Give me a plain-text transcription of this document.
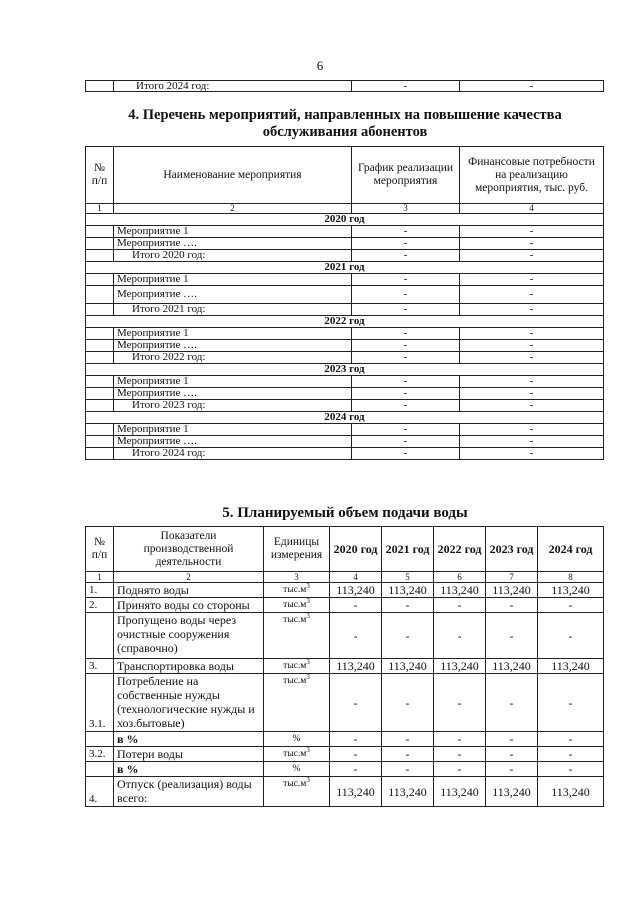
6
	Итого 2024 год:	-	-
4. Перечень мероприятий, направленных на повышение качества обслуживания абонентов
№ п/п	Наименование мероприятия	График реализации мероприятия	Финансовые потребности на реализацию мероприятия, тыс. руб.
1	2	3	4
2020 год			
	Мероприятие 1	-	-
	Мероприятие ….	-	-
	Итого 2020 год:	-	-
2021 год			
	Мероприятие 1	-	-
	Мероприятие ….	-	-
	Итого 2021 год:	-	-
2022 год			
	Мероприятие 1	-	-
	Мероприятие ….	-	-
	Итого 2022 год:	-	-
2023 год			
	Мероприятие 1	-	-
	Мероприятие ….	-	-
	Итого 2023 год:	-	-
2024 год			
	Мероприятие 1	-	-
	Мероприятие ….	-	-
	Итого 2024 год:	-	-
5. Планируемый объем подачи воды
№ п/п	Показатели производственной деятельности	Единицы измерения	2020 год	2021 год	2022 год	2023 год	2024 год
1	2	3	4	5	6	7	8
1.	Поднято воды	$тыс.м^3$	113,240	113,240	113,240	113,240	113,240
2.	Принято воды со стороны	$тыс.м^3$	-	-	-	-	-
	Пропущено воды через очистные сооружения (справочно)	$тыс.м^3$	-	-	-	-	-
3.	Транспортировка воды	$тыс.м^3$	113,240	113,240	113,240	113,240	113,240
3.1.	Потребление на собственные нужды (технологические нужды и хоз.бытовые)	$тыс.м^3$	-	-	-	-	-
	в %	%	-	-	-	-	-
3.2.	Потери воды	$тыс.м^3$	-	-	-	-	-
	в %	%	-	-	-	-	-
4.	Отпуск (реализация) воды всего:	$тыс.м^3$	113,240	113,240	113,240	113,240	113,240
